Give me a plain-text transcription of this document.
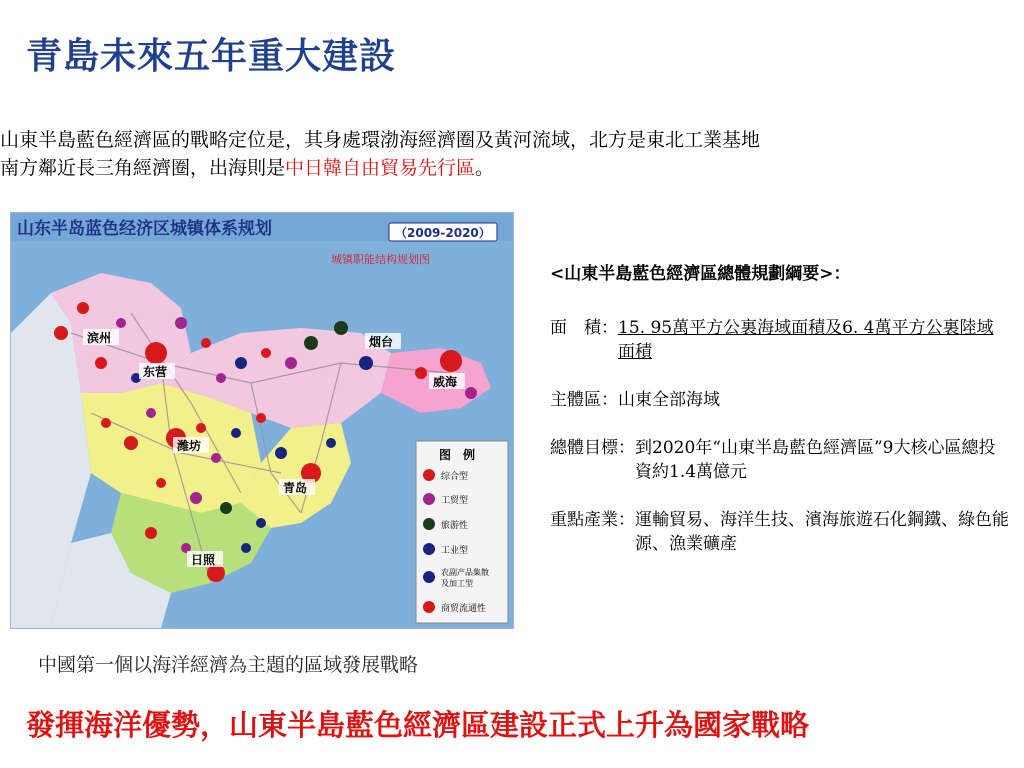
青島未來五年重大建設
山東半島藍色經濟區的戰略定位是，其身處環渤海經濟圈及黃河流域，北方是東北工業基地
南方鄰近長三角經濟圈，出海則是中日韓自由貿易先行區。
山东半岛蓝色经济区城镇体系规划	（2009-2020）
城镇职能结构规划图
滨州
东营
烟台
威海
潍坊
青岛
日照
图　例
综合型
工贸型
旅游性
工业型
农副产品集散
及加工型
商贸流通性
<山東半島藍色經濟區總體規劃綱要>：
面　積： 15. 95萬平方公裏海域面積及6. 4萬平方公裏陸域面積
主體區： 山東全部海域
總體目標： 到2020年“山東半島藍色經濟區”9大核心區總投資約1.4萬億元
重點產業： 運輸貿易、海洋生技、濱海旅遊石化鋼鐵、綠色能源、漁業礦產
中國第一個以海洋經濟為主題的區域發展戰略
發揮海洋優勢，山東半島藍色經濟區建設正式上升為國家戰略
